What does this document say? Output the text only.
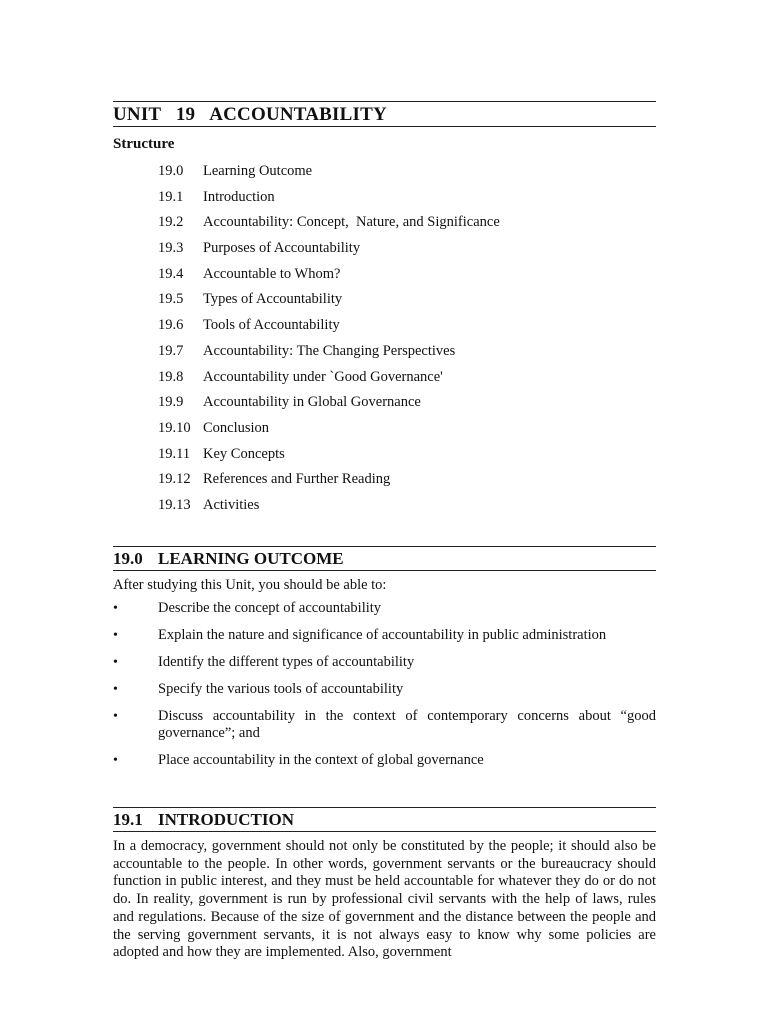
UNIT   19 ACCOUNTABILITY
Structure
19.0 Learning Outcome
19.1 Introduction
19.2 Accountability: Concept,  Nature, and Significance
19.3 Purposes of Accountability
19.4 Accountable to Whom?
19.5 Types of Accountability
19.6 Tools of Accountability
19.7 Accountability: The Changing Perspectives
19.8 Accountability under `Good Governance'
19.9 Accountability in Global Governance
19.10 Conclusion
19.11 Key Concepts
19.12 References and Further Reading
19.13 Activities
19.0 LEARNING OUTCOME
After studying this Unit, you should be able to:
•	Describe the concept of accountability
•	Explain the nature and significance of accountability in public administration
•	Identify the different types of accountability
•	Specify the various tools of accountability
•	Discuss accountability in the context of contemporary concerns about “good governance”; and
•	Place accountability in the context of global governance
19.1 INTRODUCTION
In a democracy, government should not only be constituted by the people; it should also be accountable to the people. In other words, government servants or the bureaucracy should function in public interest, and they must be held accountable for whatever they do or do not do. In reality, government is run by professional civil servants with the help of laws, rules and regulations. Because of the size of government and the distance between the people and the serving government servants, it is not always easy to know why some policies are adopted and how they are implemented. Also, government
